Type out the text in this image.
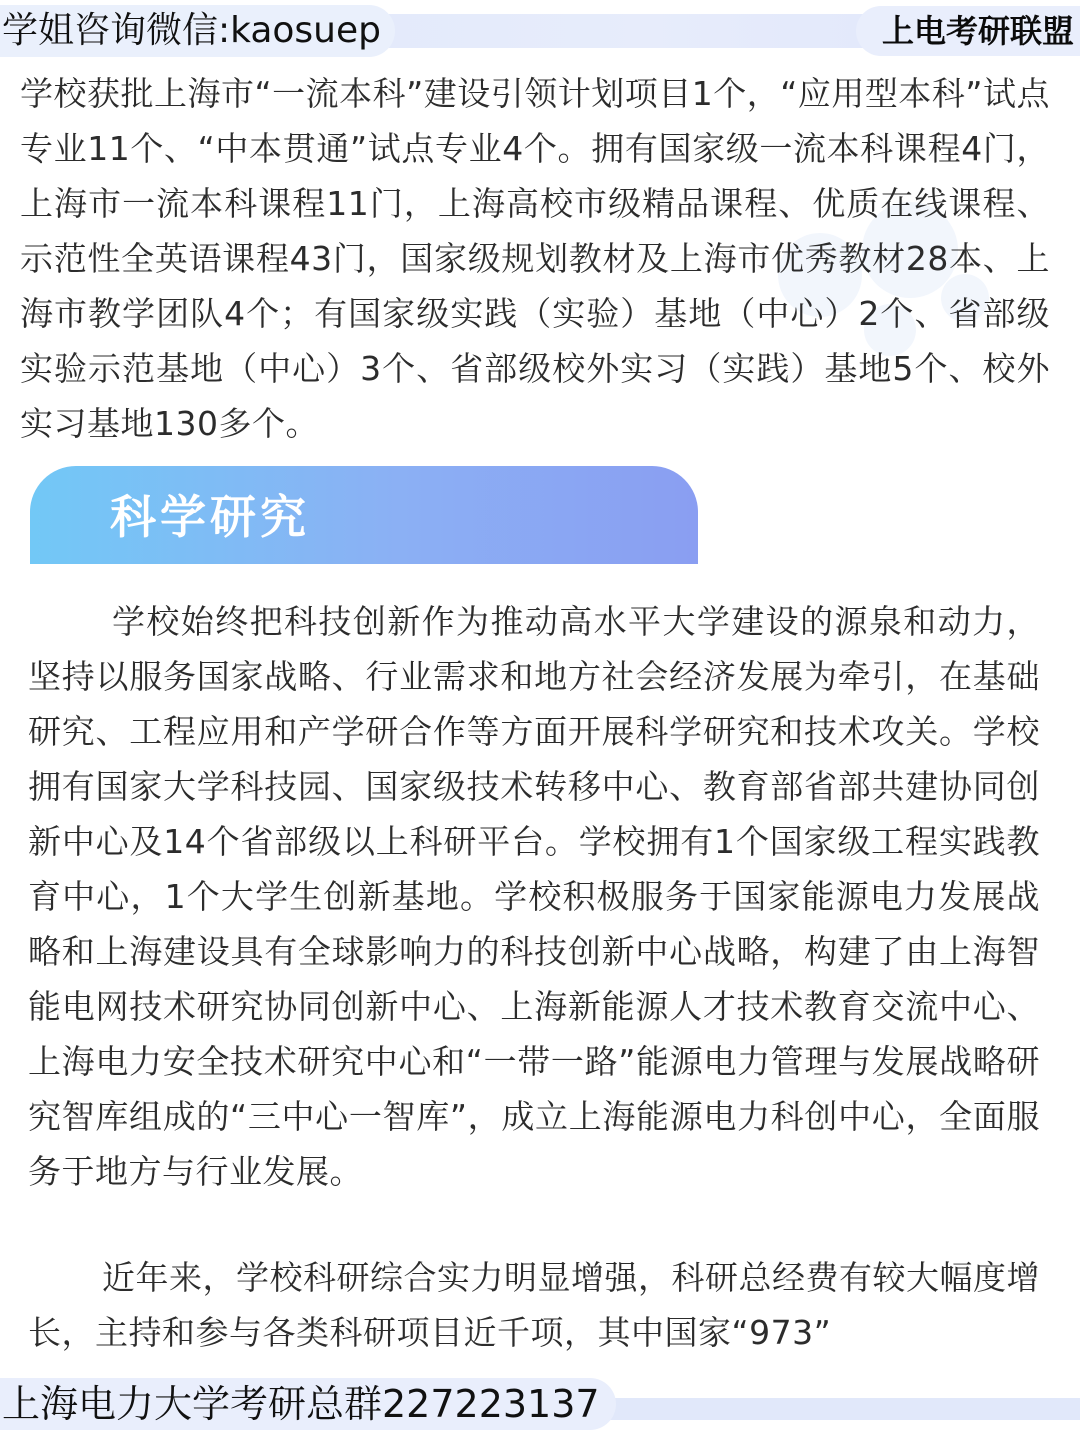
学姐咨询微信:kaosuep	上电考研联盟

学校获批上海市“一流本科”建设引领计划项目1个，“应用型本科”试点专业11个、“中本贯通”试点专业4个。拥有国家级一流本科课程4门，上海市一流本科课程11门，上海高校市级精品课程、优质在线课程、示范性全英语课程43门，国家级规划教材及上海市优秀教材28本、上海市教学团队4个；有国家级实践（实验）基地（中心）2个、省部级实验示范基地（中心）3个、省部级校外实习（实践）基地5个、校外实习基地130多个。

科学研究

学校始终把科技创新作为推动高水平大学建设的源泉和动力，坚持以服务国家战略、行业需求和地方社会经济发展为牵引，在基础研究、工程应用和产学研合作等方面开展科学研究和技术攻关。学校拥有国家大学科技园、国家级技术转移中心、教育部省部共建协同创新中心及14个省部级以上科研平台。学校拥有1个国家级工程实践教育中心，1个大学生创新基地。学校积极服务于国家能源电力发展战略和上海建设具有全球影响力的科技创新中心战略，构建了由上海智能电网技术研究协同创新中心、上海新能源人才技术教育交流中心、上海电力安全技术研究中心和“一带一路”能源电力管理与发展战略研究智库组成的“三中心一智库”，成立上海能源电力科创中心，全面服务于地方与行业发展。

近年来，学校科研综合实力明显增强，科研总经费有较大幅度增长，主持和参与各类科研项目近千项，其中国家“973”

上海电力大学考研总群227223137
